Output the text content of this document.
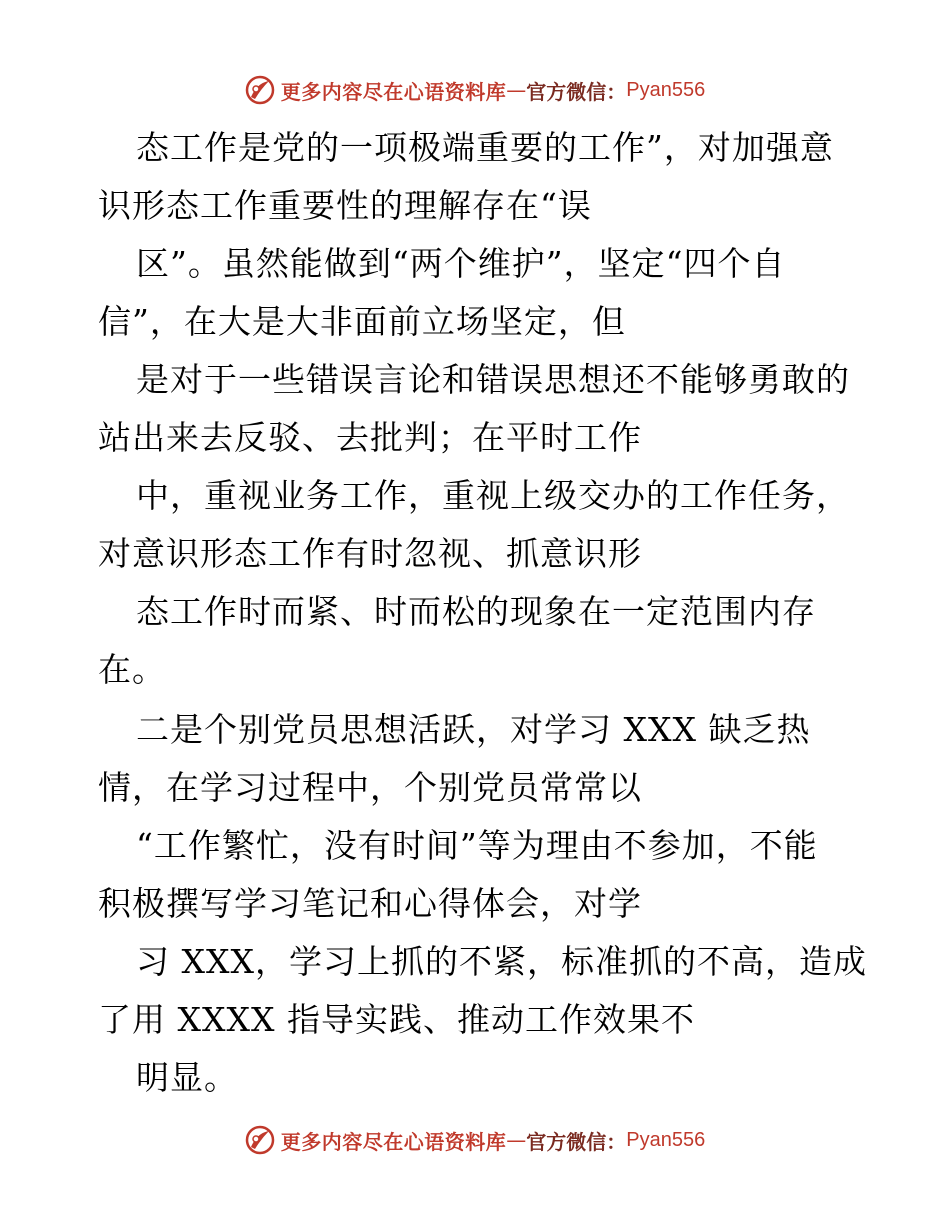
更多内容尽在心语资料库 — 官方微信： Pyan556
态工作是党的一项极端重要的工作”，对加强意
识形态工作重要性的理解存在“误
区”。虽然能做到“两个维护”，坚定“四个自
信”，在大是大非面前立场坚定，但
是对于一些错误言论和错误思想还不能够勇敢的
站出来去反驳、去批判；在平时工作
中，重视业务工作，重视上级交办的工作任务，
对意识形态工作有时忽视、抓意识形
态工作时而紧、时而松的现象在一定范围内存
在。
二是个别党员思想活跃，对学习 XXX 缺乏热
情，在学习过程中，个别党员常常以
“工作繁忙，没有时间”等为理由不参加，不能
积极撰写学习笔记和心得体会，对学
习 XXX，学习上抓的不紧，标准抓的不高，造成
了用 XXXX 指导实践、推动工作效果不
明显。
更多内容尽在心语资料库 — 官方微信： Pyan556
